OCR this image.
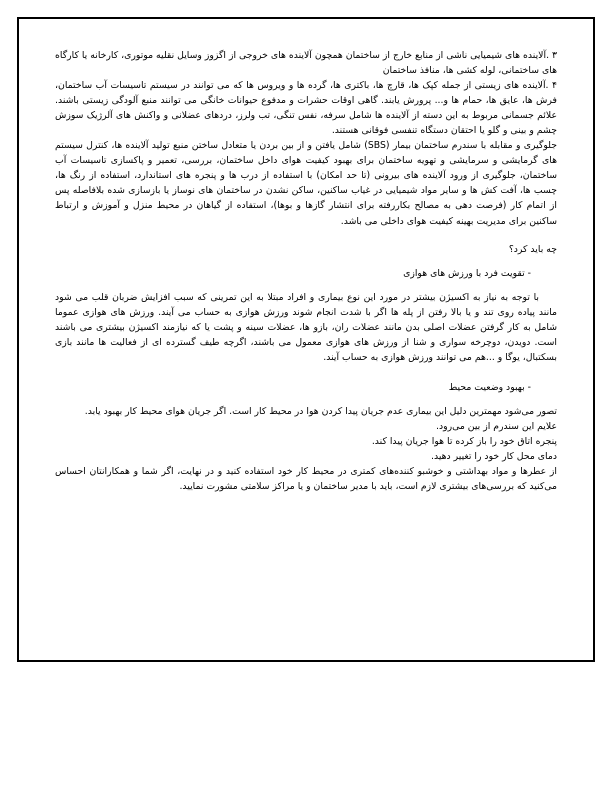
۳ .آلاینده های شیمیایی ناشی از منابع خارج از ساختمان همچون آلاینده های خروجی از اگزوز وسایل نقلیه موتوری، کارخانه یا کارگاه های ساختمانی، لوله کشی ها، منافذ ساختمان

۴ .آلاینده های زیستی از جمله کپک ها، قارچ ها، باکتری ها، گرده ها و ویروس ها که می توانند در سیستم تاسیسات آب ساختمان، فرش ها، عایق ها، حمام ها و... پرورش یابند. گاهی اوقات حشرات و مدفوع حیوانات خانگی می توانند منبع آلودگی زیستی باشند. علائم جسمانی مربوط به این دسته از آلاینده ها شامل سرفه، نفس تنگی، تب ولرز، دردهای عضلانی و واکنش های آلرژیک سوزش چشم و بینی و گلو یا احتقان دستگاه تنفسی فوقانی هستند.

جلوگیری و مقابله با سندرم ساختمان بیمار (SBS) شامل یافتن و از بین بردن یا متعادل ساختن منبع تولید آلاینده ها، کنترل سیستم های گرمایشی و سرمایشی و تهویه ساختمان برای بهبود کیفیت هوای داخل ساختمان، بررسی، تعمیر و پاکسازی تاسیسات آب ساختمان، جلوگیری از ورود آلاینده های بیرونی (تا حد امکان) با استفاده از درب ها و پنجره های استاندارد، استفاده از رنگ ها، چسب ها، آفت کش ها و سایر مواد شیمیایی در غیاب ساکنین، ساکن نشدن در ساختمان های نوساز یا بازسازی شده بلافاصله پس از اتمام کار (فرصت دهی به مصالح بکاررفته برای انتشار گازها و بوها)، استفاده از گیاهان در محیط منزل و آموزش و ارتباط ساکنین برای مدیریت بهینه کیفیت هوای داخلی می باشد.

چه باید کرد؟

- تقویت فرد با ورزش های هوازی

با توجه به نیاز به اکسیژن بیشتر در مورد این نوع بیماری و افراد مبتلا به این تمرینی که سبب افزایش ضربان قلب می شود مانند پیاده روی تند و یا بالا رفتن از پله ها اگر با شدت انجام شوند ورزش هوازی به حساب می آیند. ورزش های هوازی عموما شامل به کار گرفتن عضلات اصلی بدن مانند عضلات ران، بازو ها، عضلات سینه و پشت یا که نیازمند اکسیژن بیشتری می باشند است. دویدن، دوچرخه سواری و شنا از ورزش های هوازی معمول می باشند، اگرچه طیف گسترده ای از فعالیت ها مانند بازی بسکتبال، یوگا و ...هم می توانند ورزش هوازی به حساب آیند.

- بهبود وضعیت محیط

تصور می‌شود مهمترین دلیل این بیماری عدم جریان پیدا کردن هوا در محیط کار است. اگر جریان هوای محیط کار بهبود یابد.

علایم این سندرم از بین می‌رود.

پنجره اتاق خود را باز کرده تا هوا جریان پیدا کند.

دمای محل کار خود را تغییر دهید.

از عطرها و مواد بهداشتی و خوشبو کننده‌های کمتری در محیط کار خود استفاده کنید و در نهایت، اگر شما و همکارانتان احساس می‌کنید که بررسی‌های بیشتری لازم است، باید با مدیر ساختمان و یا مراکز سلامتی مشورت نمایید.
